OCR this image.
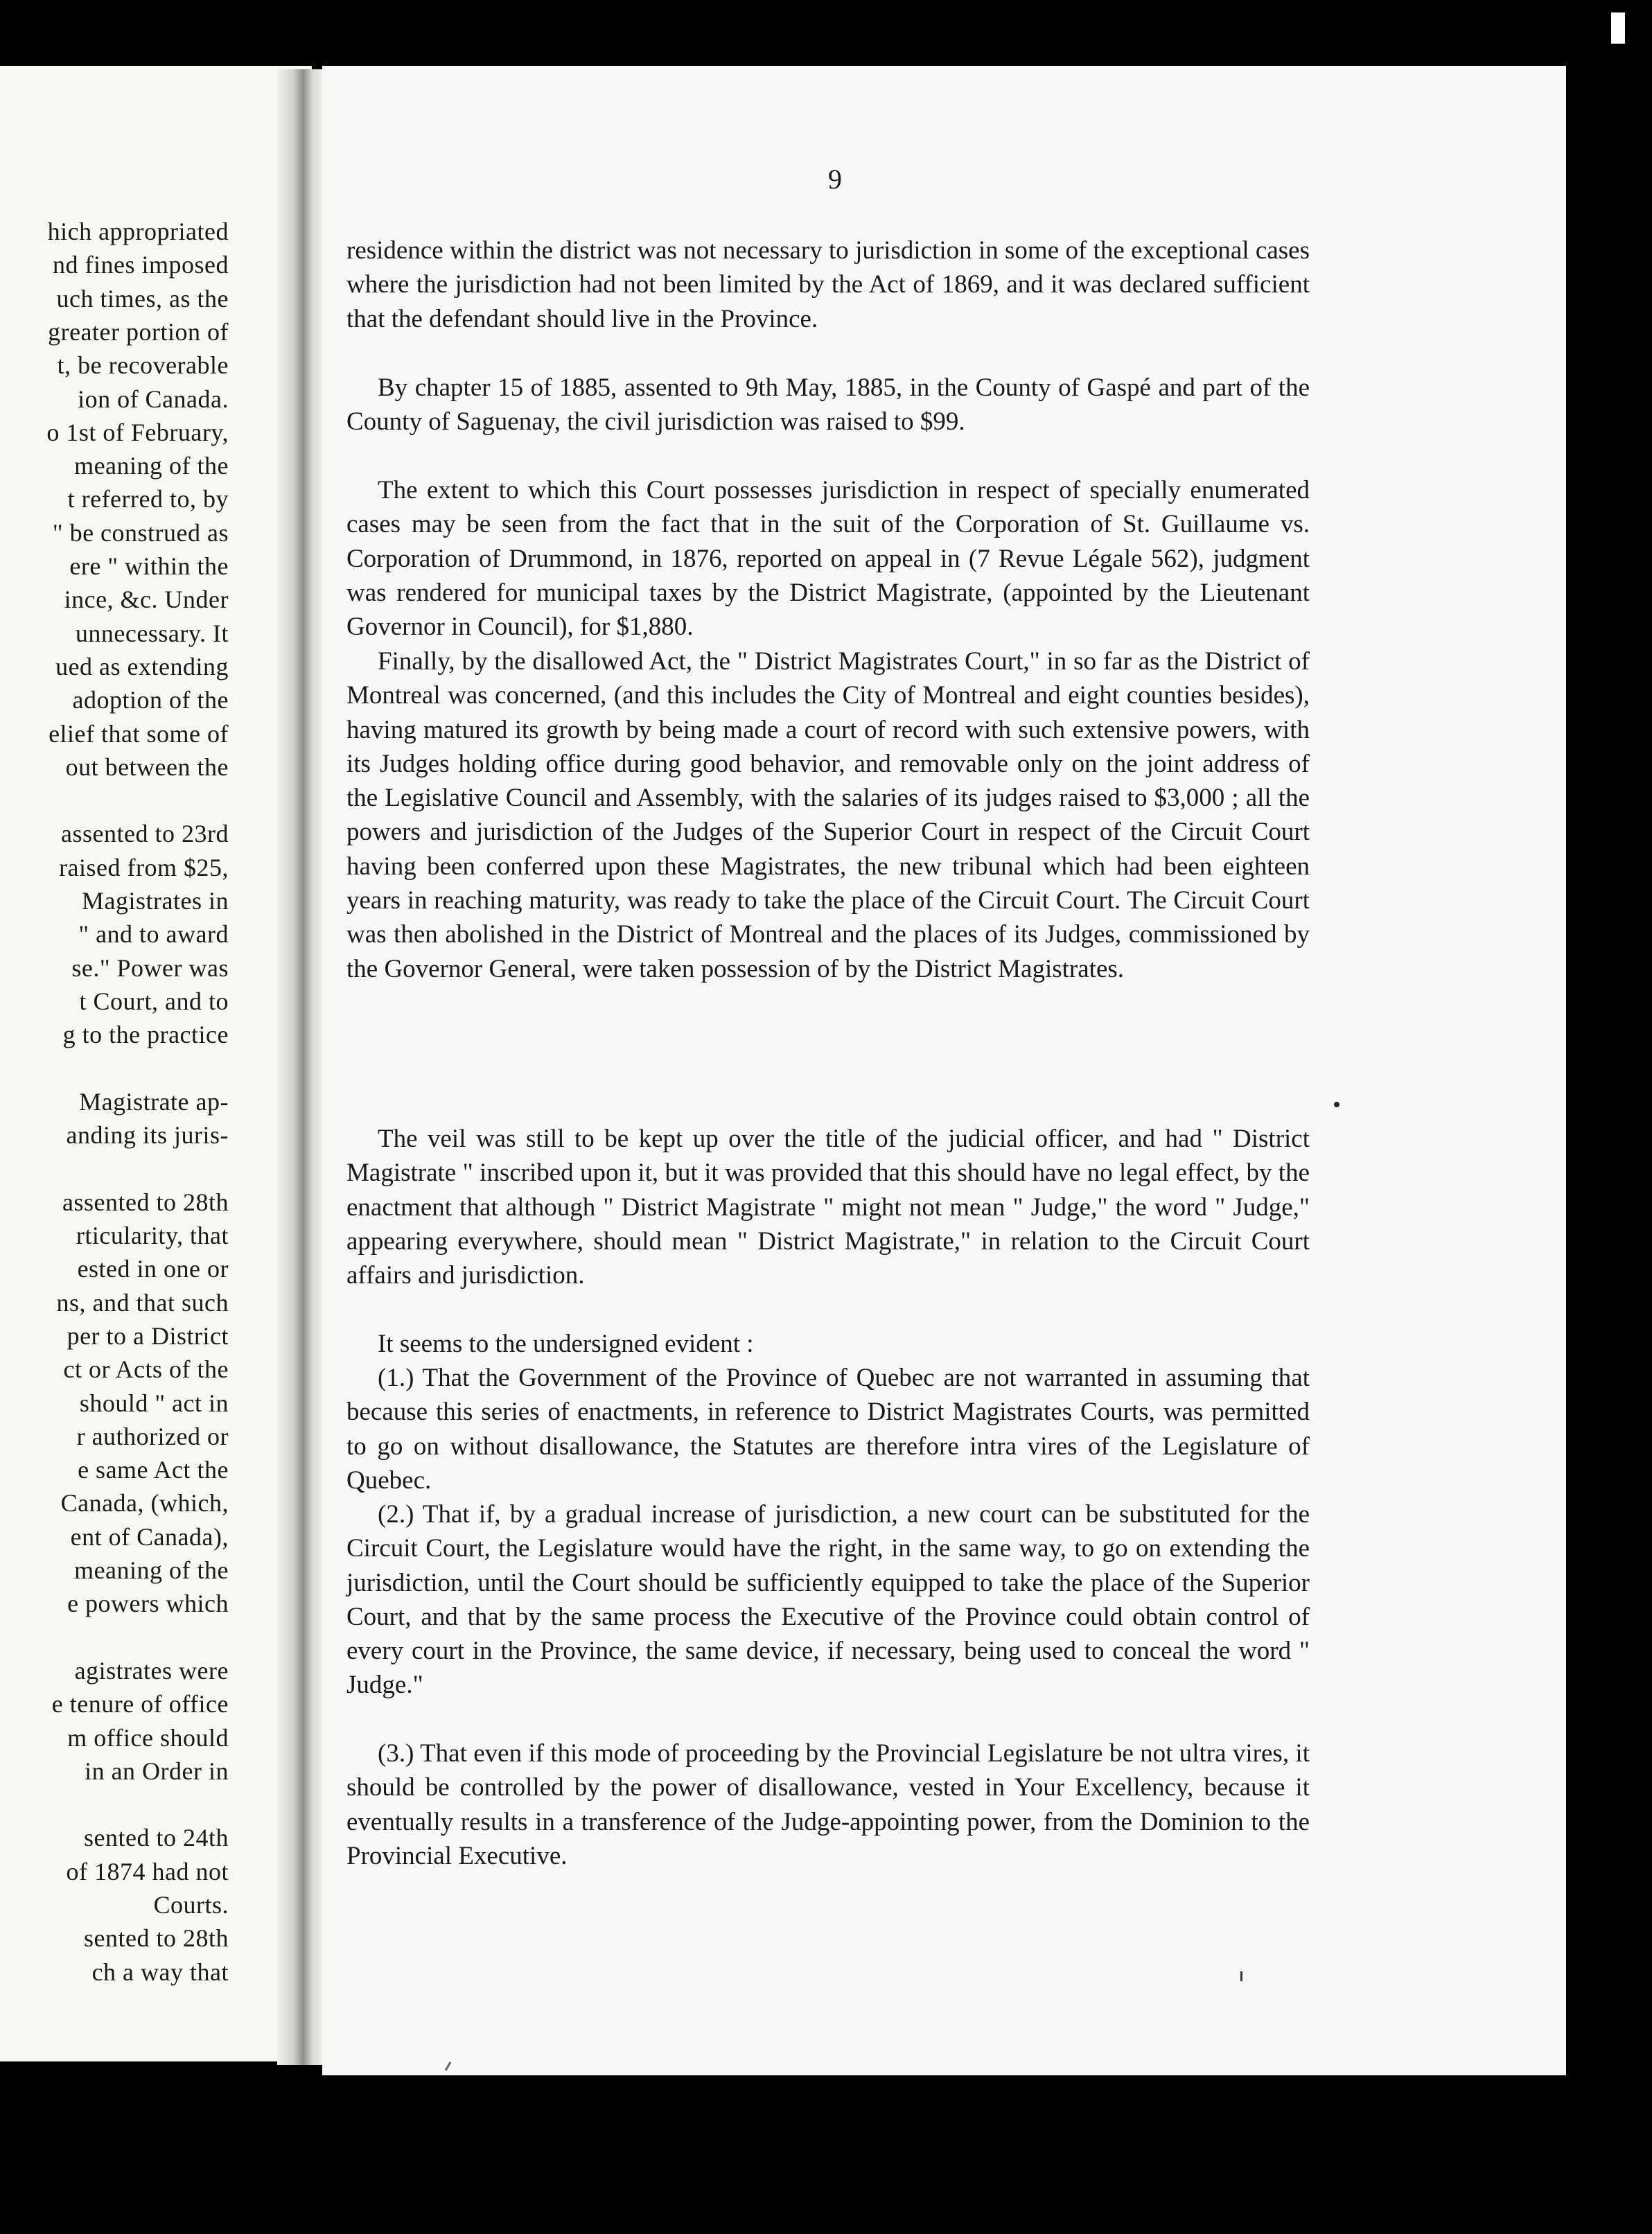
hich appropriated
nd fines imposed
uch times, as the
greater portion of
t, be recoverable
ion of Canada.
o 1st of February,
meaning of the
t referred to, by
" be construed as
ere " within the
ince, &c. Under
unnecessary. It
ued as extending
adoption of the
elief that some of
out between the
assented to 23rd
raised from $25,
Magistrates in
" and to award
se." Power was
t Court, and to
g to the practice
Magistrate ap-
anding its juris-
assented to 28th
rticularity, that
ested in one or
ns, and that such
per to a District
ct or Acts of the
should " act in
r authorized or
e same Act the
Canada, (which,
ent of Canada),
meaning of the
e powers which
agistrates were
e tenure of office
m office should
in an Order in
sented to 24th
of 1874 had not
Courts.
sented to 28th
ch a way that
9

residence within the district was not necessary to jurisdiction in some of the exceptional cases where the jurisdiction had not been limited by the Act of 1869, and it was declared sufficient that the defendant should live in the Province.

By chapter 15 of 1885, assented to 9th May, 1885, in the County of Gaspé and part of the County of Saguenay, the civil jurisdiction was raised to $99.

The extent to which this Court possesses jurisdiction in respect of specially enumerated cases may be seen from the fact that in the suit of the Corporation of St. Guillaume vs. Corporation of Drummond, in 1876, reported on appeal in (7 Revue Légale 562), judgment was rendered for municipal taxes by the District Magistrate, (appointed by the Lieutenant Governor in Council), for $1,880.

Finally, by the disallowed Act, the " District Magistrates Court," in so far as the District of Montreal was concerned, (and this includes the City of Montreal and eight counties besides), having matured its growth by being made a court of record with such extensive powers, with its Judges holding office during good behavior, and removable only on the joint address of the Legislative Council and Assembly, with the salaries of its judges raised to $3,000 ; all the powers and jurisdiction of the Judges of the Superior Court in respect of the Circuit Court having been conferred upon these Magistrates, the new tribunal which had been eighteen years in reaching maturity, was ready to take the place of the Circuit Court. The Circuit Court was then abolished in the District of Montreal and the places of its Judges, commissioned by the Governor General, were taken possession of by the District Magistrates.

The veil was still to be kept up over the title of the judicial officer, and had " District Magistrate " inscribed upon it, but it was provided that this should have no legal effect, by the enactment that although " District Magistrate " might not mean " Judge," the word " Judge," appearing everywhere, should mean " District Magistrate," in relation to the Circuit Court affairs and jurisdiction.

It seems to the undersigned evident :

(1.) That the Government of the Province of Quebec are not warranted in assuming that because this series of enactments, in reference to District Magistrates Courts, was permitted to go on without disallowance, the Statutes are therefore intra vires of the Legislature of Quebec.

(2.) That if, by a gradual increase of jurisdiction, a new court can be substituted for the Circuit Court, the Legislature would have the right, in the same way, to go on extending the jurisdiction, until the Court should be sufficiently equipped to take the place of the Superior Court, and that by the same process the Executive of the Province could obtain control of every court in the Province, the same device, if necessary, being used to conceal the word " Judge."

(3.) That even if this mode of proceeding by the Provincial Legislature be not ultra vires, it should be controlled by the power of disallowance, vested in Your Excellency, because it eventually results in a transference of the Judge-appointing power, from the Dominion to the Provincial Executive.
